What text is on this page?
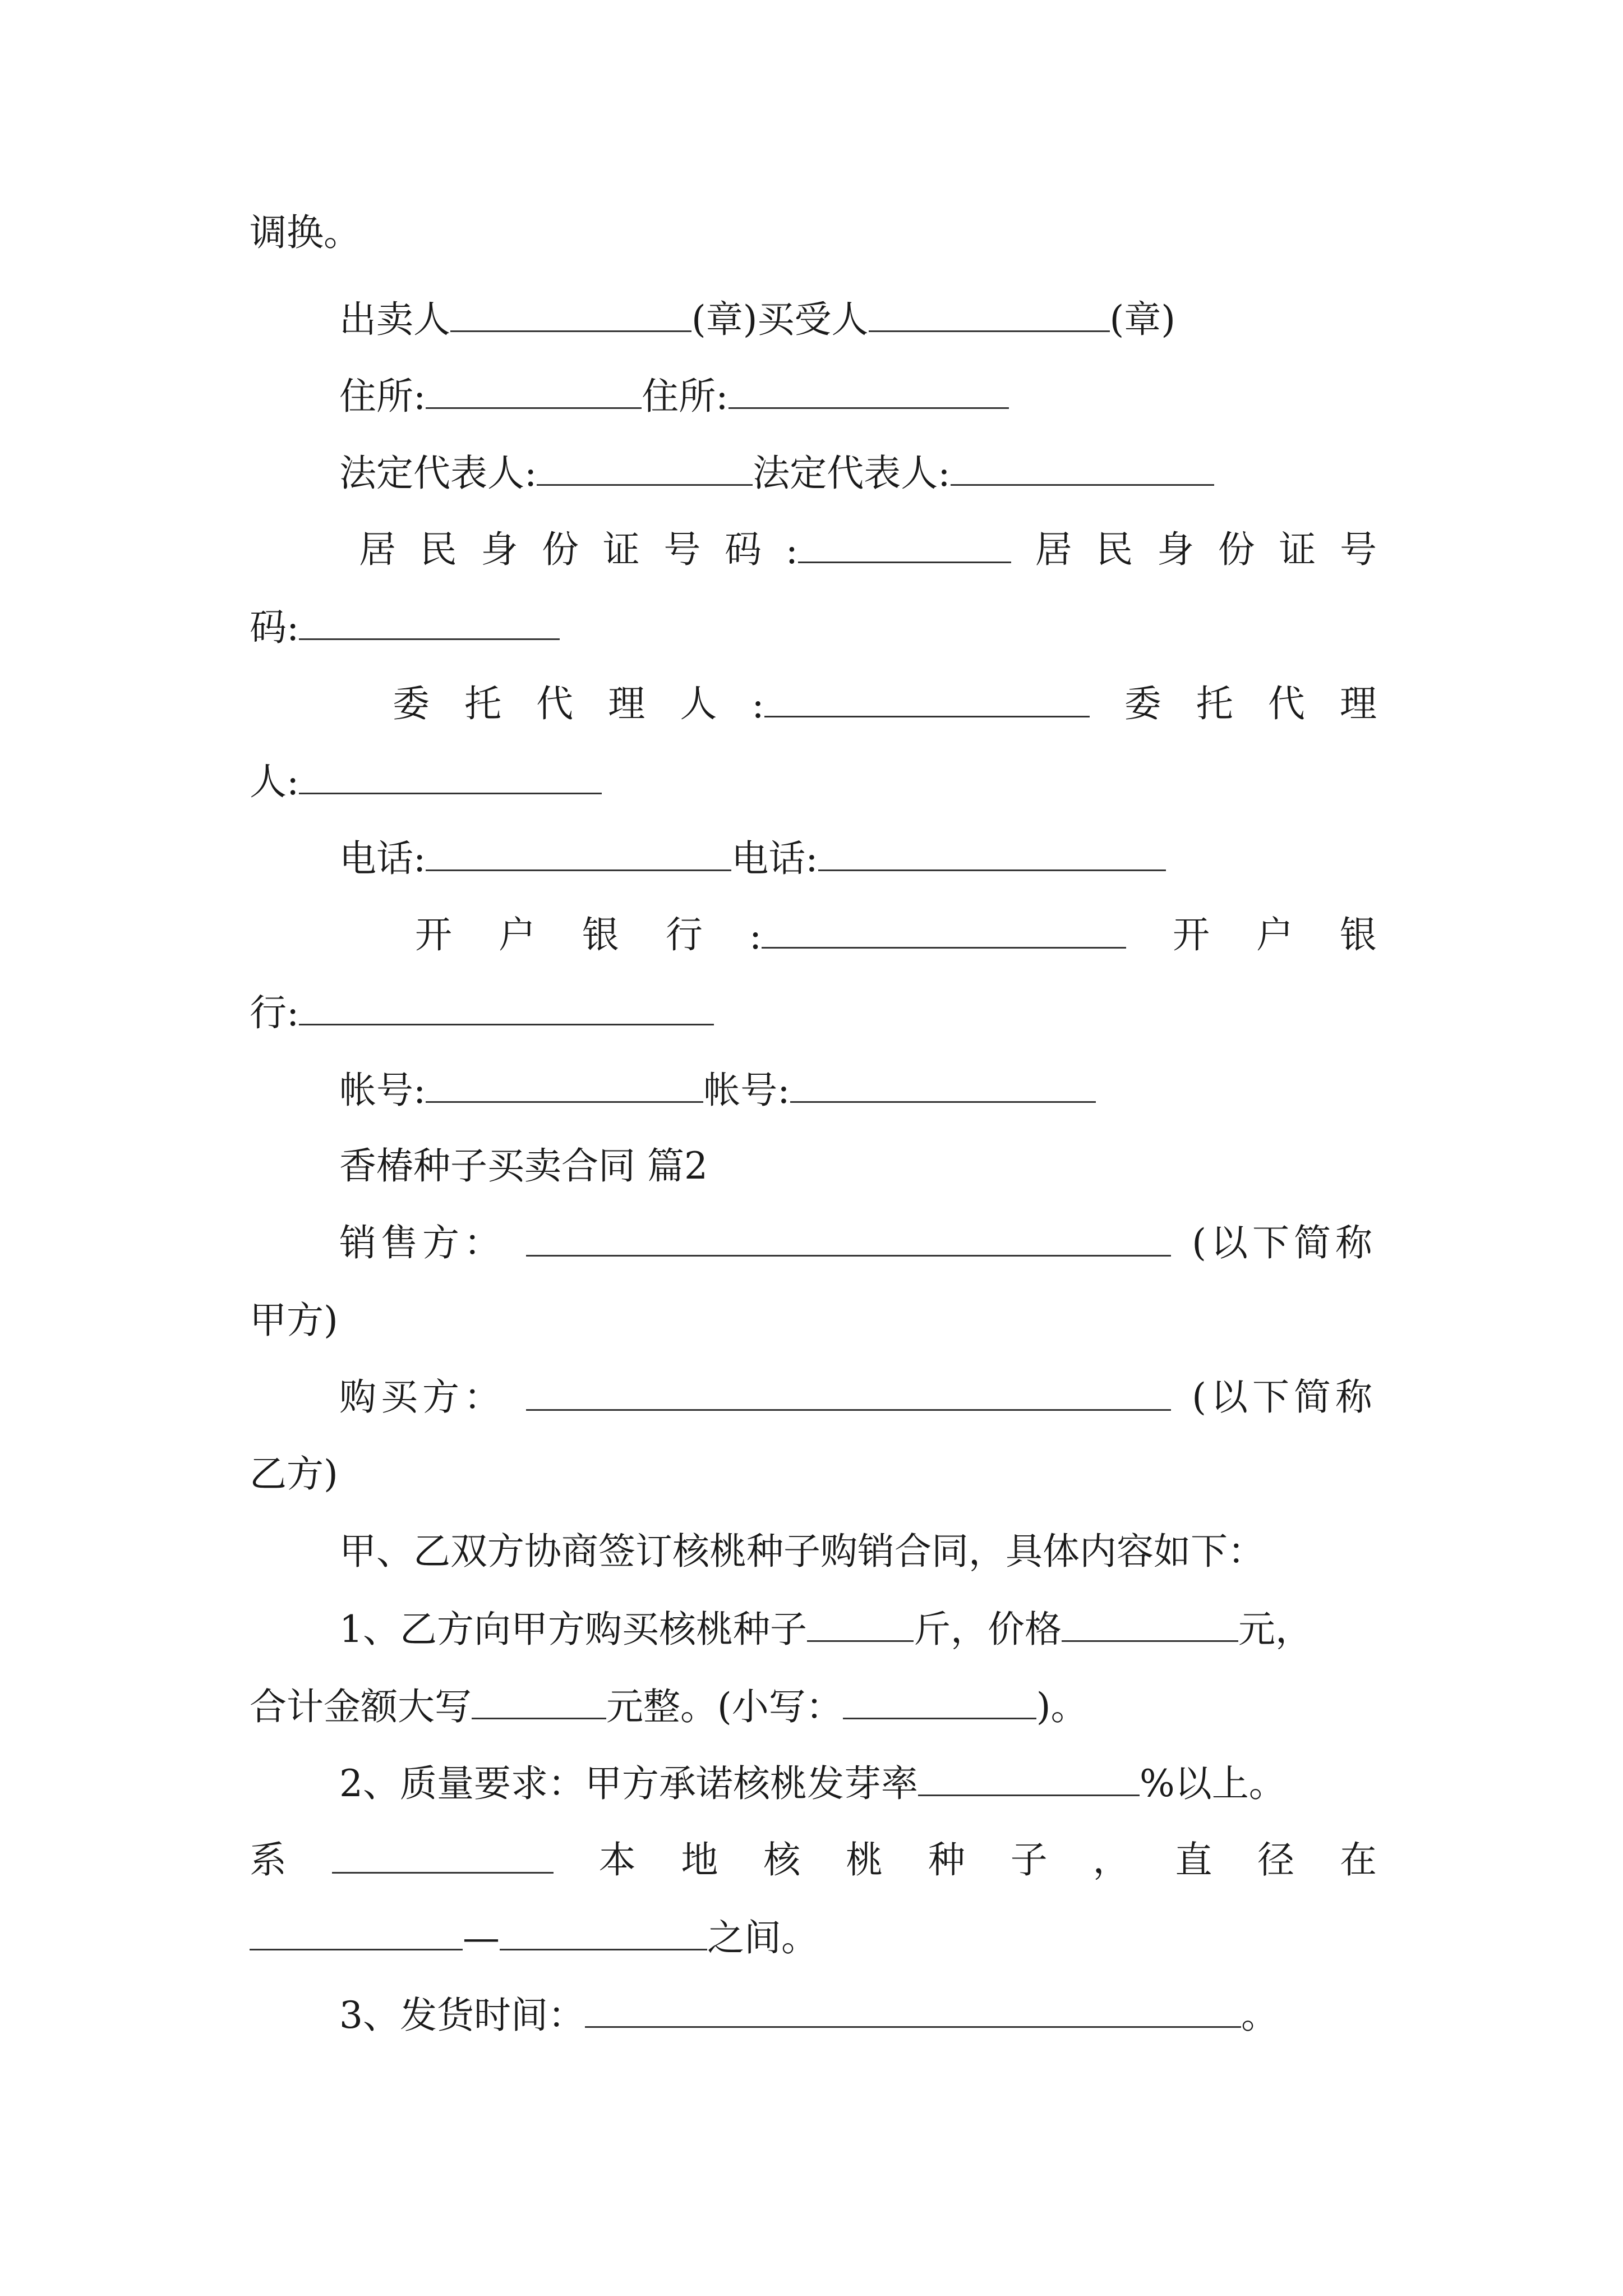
调换。
出卖人	(章)买受人	(章)
住所:	住所:
法定代表人:	法定代表人:
居 民 身 份 证 号 码 :	居 民 身 份 证 号
码:
委 托 代 理 人 :	委 托 代 理
人:
电话:	电话:
开 户 银 行 :	开 户 银
行:
帐号:	帐号:
香椿种子买卖合同 篇2
销售方：	(以下简称
甲方)
购买方：	(以下简称
乙方)
甲、乙双方协商签订核桃种子购销合同，具体内容如下：
1、乙方向甲方购买核桃种子	斤，价格	元，
合计金额大写	元整。(小写：	)。
2、质量要求：甲方承诺核桃发芽率	%以上。
系	本 地 核 桃 种 子 ， 直 径 在
—	之间。
3、发货时间：	。
